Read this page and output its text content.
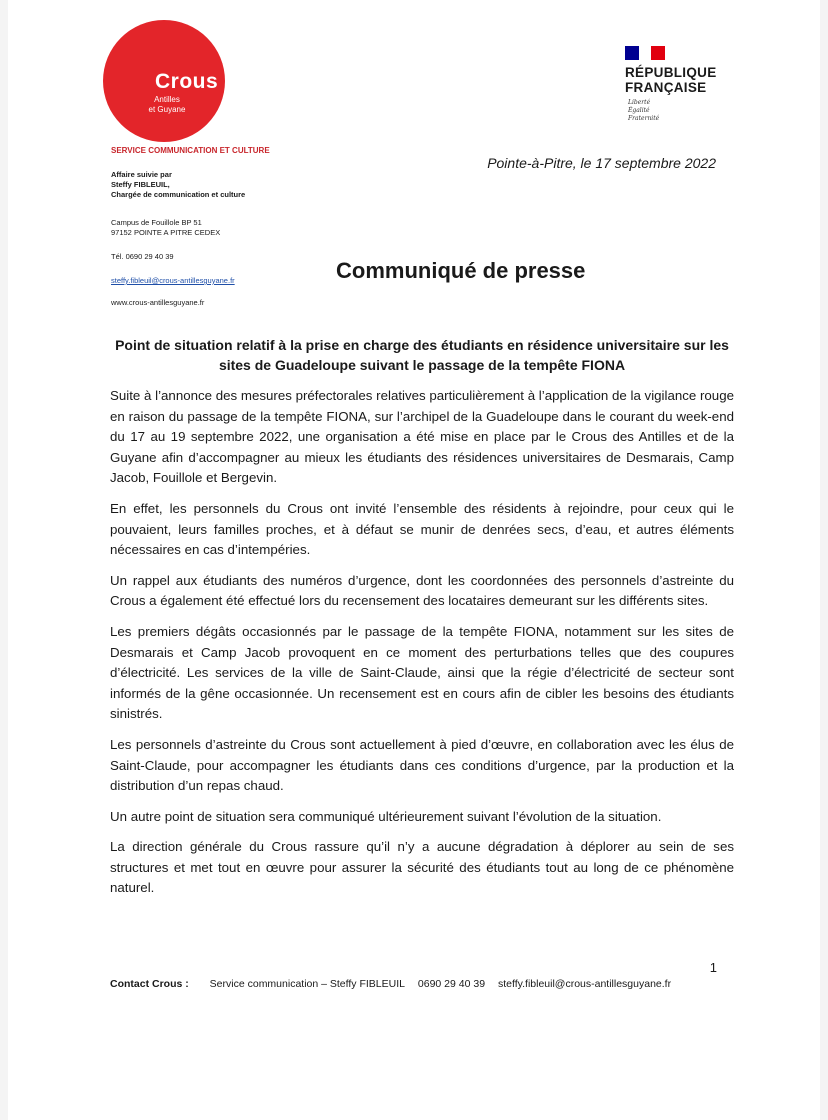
Crous
Antilles
et Guyane
RÉPUBLIQUE
FRANÇAISE
Liberté
Égalité
Fraternité
SERVICE COMMUNICATION ET CULTURE
Affaire suivie par
Steffy FIBLEUIL,
Chargée de communication et culture
Campus de Fouillole BP 51
97152 POINTE A PITRE CEDEX
Tél. 0690 29 40 39
steffy.fibleuil@crous-antillesguyane.fr
www.crous-antillesguyane.fr
Pointe-à-Pitre, le 17 septembre 2022
Communiqué de presse
Point de situation relatif à la prise en charge des étudiants en résidence universitaire sur les sites de Guadeloupe suivant le passage de la tempête FIONA

Suite à l’annonce des mesures préfectorales relatives particulièrement à l’application de la vigilance rouge en raison du passage de la tempête FIONA, sur l’archipel de la Guadeloupe dans le courant du week-end du 17 au 19 septembre 2022, une organisation a été mise en place par le Crous des Antilles et de la Guyane afin d’accompagner au mieux les étudiants des résidences universitaires de Desmarais, Camp Jacob, Fouillole et Bergevin.

En effet, les personnels du Crous ont invité l’ensemble des résidents à rejoindre, pour ceux qui le pouvaient, leurs familles proches, et à défaut se munir de denrées secs, d’eau, et autres éléments nécessaires en cas d’intempéries.

Un rappel aux étudiants des numéros d’urgence, dont les coordonnées des personnels d’astreinte du Crous a également été effectué lors du recensement des locataires demeurant sur les différents sites.

Les premiers dégâts occasionnés par le passage de la tempête FIONA, notamment sur les sites de Desmarais et Camp Jacob provoquent en ce moment des perturbations telles que des coupures d’électricité. Les services de la ville de Saint-Claude, ainsi que la régie d’électricité de secteur sont informés de la gêne occasionnée. Un recensement est en cours afin de cibler les besoins des étudiants sinistrés.

Les personnels d’astreinte du Crous sont actuellement à pied d’œuvre, en collaboration avec les élus de Saint-Claude, pour accompagner les étudiants dans ces conditions d’urgence, par la production et la distribution d’un repas chaud.

Un autre point de situation sera communiqué ultérieurement suivant l’évolution de la situation.

La direction générale du Crous rassure qu’il n’y a aucune dégradation à déplorer au sein de ses structures et met tout en œuvre pour assurer la sécurité des étudiants tout au long de ce phénomène naturel.

1
Contact Crous : Service communication – Steffy FIBLEUIL 0690 29 40 39 steffy.fibleuil@crous-antillesguyane.fr
